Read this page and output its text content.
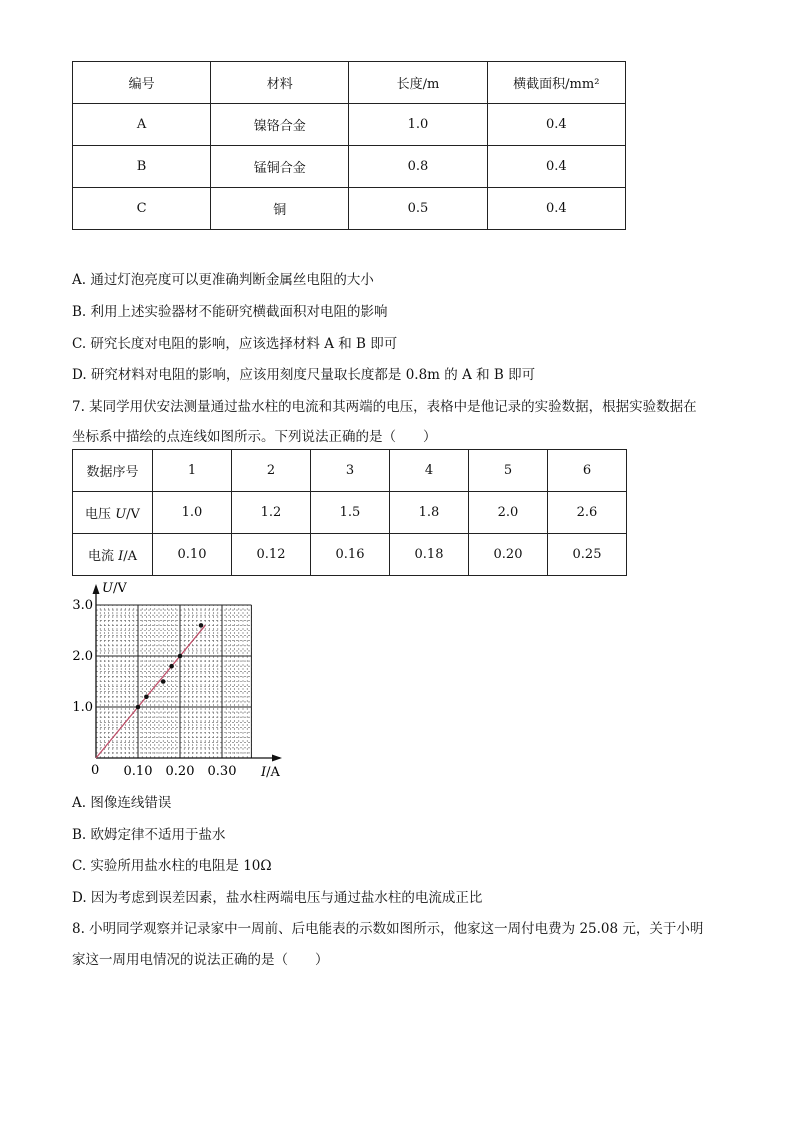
编号	材料	长度/m	横截面积/mm²
A	镍铬合金	1.0	0.4
B	锰铜合金	0.8	0.4
C	铜	0.5	0.4
A. 通过灯泡亮度可以更准确判断金属丝电阻的大小
B. 利用上述实验器材不能研究横截面积对电阻的影响
C. 研究长度对电阻的影响，应该选择材料 A 和 B 即可
D. 研究材料对电阻的影响，应该用刻度尺量取长度都是 0.8m 的 A 和 B 即可
7. 某同学用伏安法测量通过盐水柱的电流和其两端的电压，表格中是他记录的实验数据，根据实验数据在
坐标系中描绘的点连线如图所示。下列说法正确的是（　　）
数据序号	1	2	3	4	5	6
电压 U/V	1.0	1.2	1.5	1.8	2.0	2.6
电流 I/A	0.10	0.12	0.16	0.18	0.20	0.25
U/V
I/A
0
1.0
2.0
3.0
0.10 0.20 0.30
A. 图像连线错误
B. 欧姆定律不适用于盐水
C. 实验所用盐水柱的电阻是 10Ω
D. 因为考虑到误差因素，盐水柱两端电压与通过盐水柱的电流成正比
8. 小明同学观察并记录家中一周前、后电能表的示数如图所示，他家这一周付电费为 25.08 元，关于小明
家这一周用电情况的说法正确的是（　　）
